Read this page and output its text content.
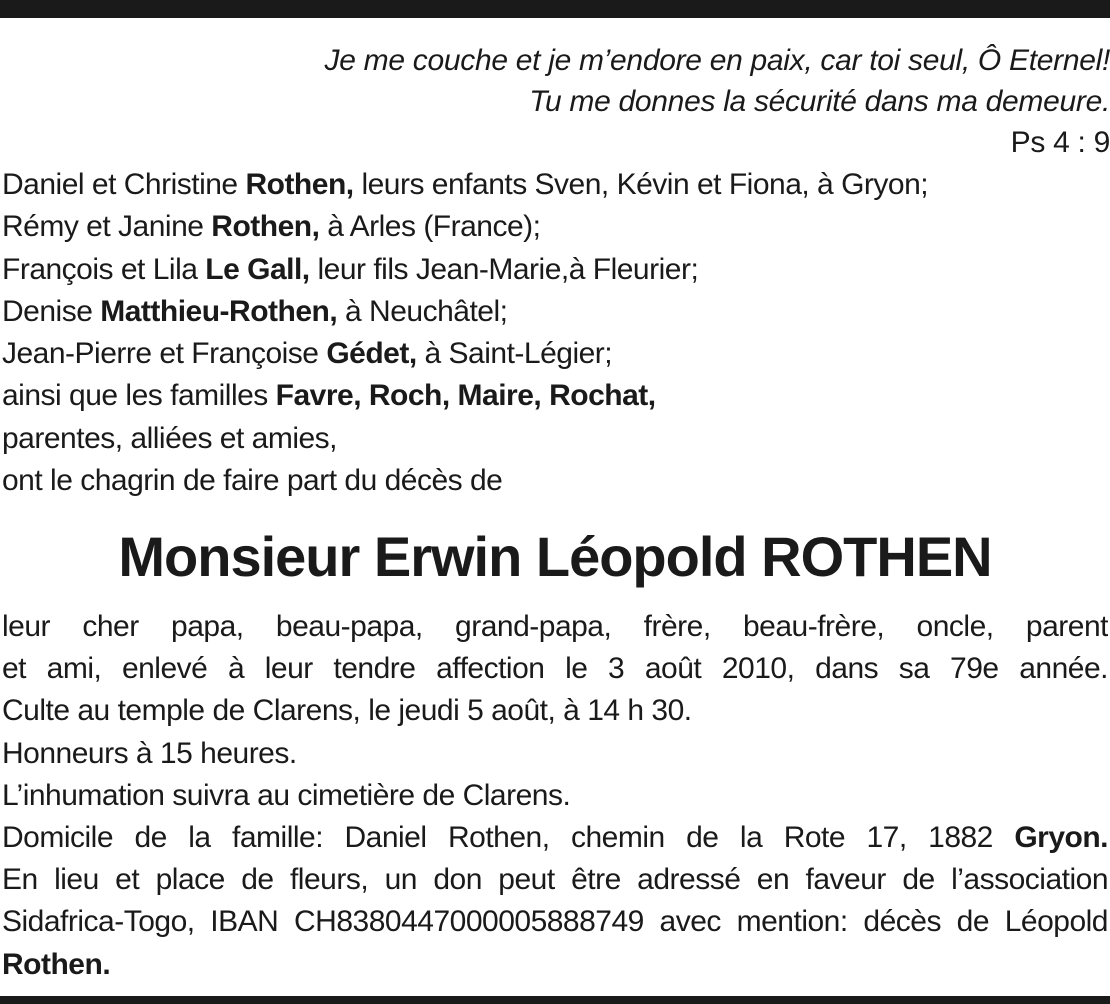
Je me couche et je m’endore en paix, car toi seul, Ô Eternel!
Tu me donnes la sécurité dans ma demeure.
Ps 4 : 9
Daniel et Christine Rothen, leurs enfants Sven, Kévin et Fiona, à Gryon;
Rémy et Janine Rothen, à Arles (France);
François et Lila Le Gall, leur fils Jean-Marie,à Fleurier;
Denise Matthieu-Rothen, à Neuchâtel;
Jean-Pierre et Françoise Gédet, à Saint-Légier;
ainsi que les familles Favre, Roch, Maire, Rochat,
parentes, alliées et amies,
ont le chagrin de faire part du décès de
Monsieur Erwin Léopold ROTHEN
leur cher papa, beau-papa, grand-papa, frère, beau-frère, oncle, parent
et ami, enlevé à leur tendre affection le 3 août 2010, dans sa 79e année.
Culte au temple de Clarens, le jeudi 5 août, à 14 h 30.
Honneurs à 15 heures.
L’inhumation suivra au cimetière de Clarens.
Domicile de la famille: Daniel Rothen, chemin de la Rote 17, 1882 Gryon.
En lieu et place de fleurs, un don peut être adressé en faveur de l’association
Sidafrica-Togo, IBAN CH8380447000005888749 avec mention: décès de Léopold
Rothen.
